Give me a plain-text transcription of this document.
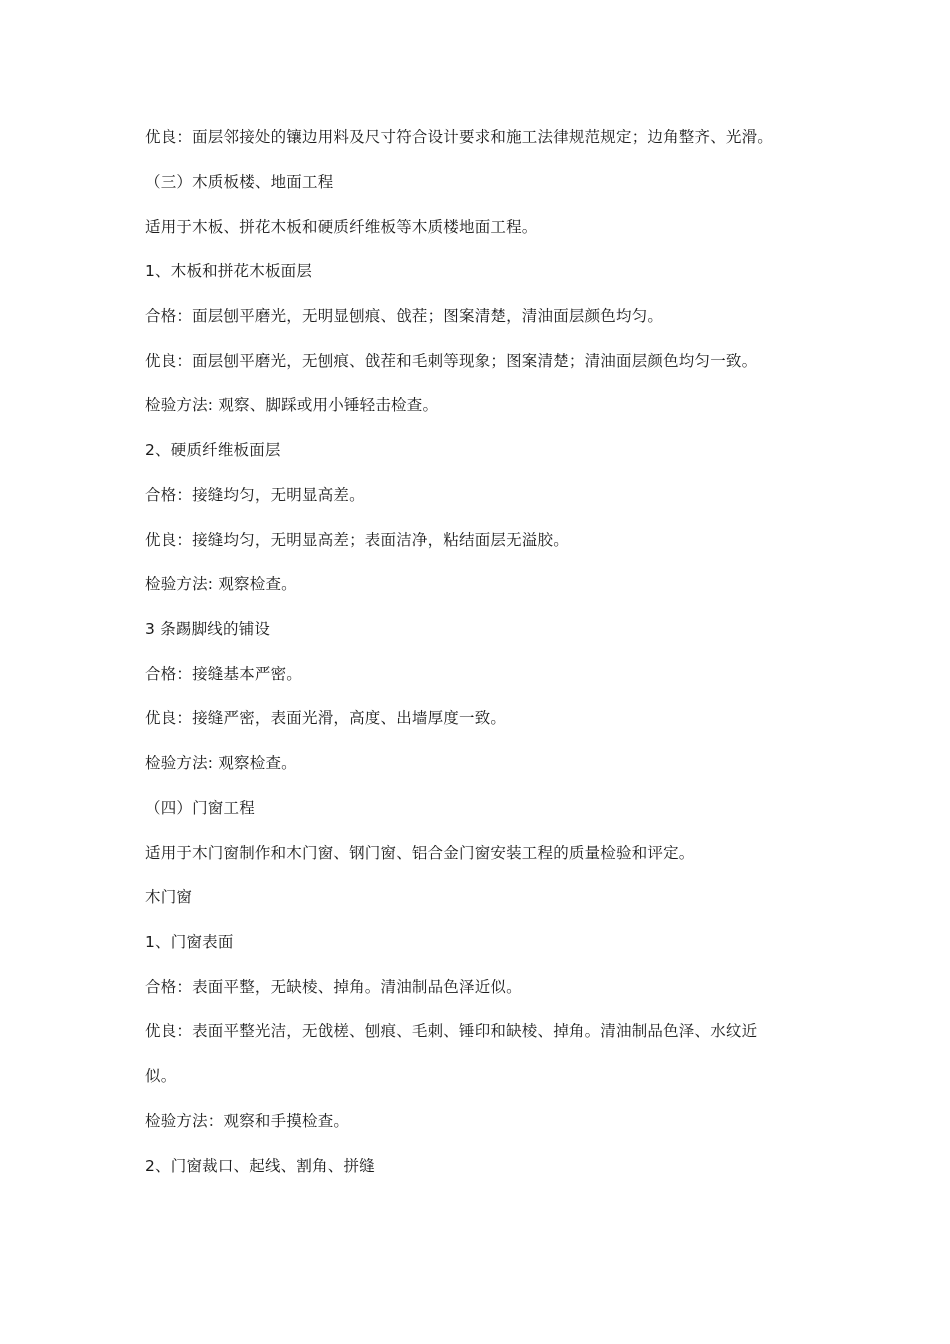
优良：面层邻接处的镶边用料及尺寸符合设计要求和施工法律规范规定；边角整齐、光滑。
（三）木质板楼、地面工程
适用于木板、拼花木板和硬质纤维板等木质楼地面工程。
1、木板和拼花木板面层
合格：面层刨平磨光，无明显刨痕、戗茬；图案清楚，清油面层颜色均匀。
优良：面层刨平磨光，无刨痕、戗茬和毛刺等现象；图案清楚；清油面层颜色均匀一致。
检验方法: 观察、脚踩或用小锤轻击检查。
2、硬质纤维板面层
合格：接缝均匀，无明显高差。
优良：接缝均匀，无明显高差；表面洁净，粘结面层无溢胶。
检验方法: 观察检查。
3 条踢脚线的铺设
合格：接缝基本严密。
优良：接缝严密，表面光滑，高度、出墙厚度一致。
检验方法: 观察检查。
（四）门窗工程
适用于木门窗制作和木门窗、钢门窗、铝合金门窗安装工程的质量检验和评定。
木门窗
1、门窗表面
合格：表面平整，无缺棱、掉角。清油制品色泽近似。
优良：表面平整光洁，无戗槎、刨痕、毛刺、锤印和缺棱、掉角。清油制品色泽、水纹近
似。
检验方法：观察和手摸检查。
2、门窗裁口、起线、割角、拼缝
